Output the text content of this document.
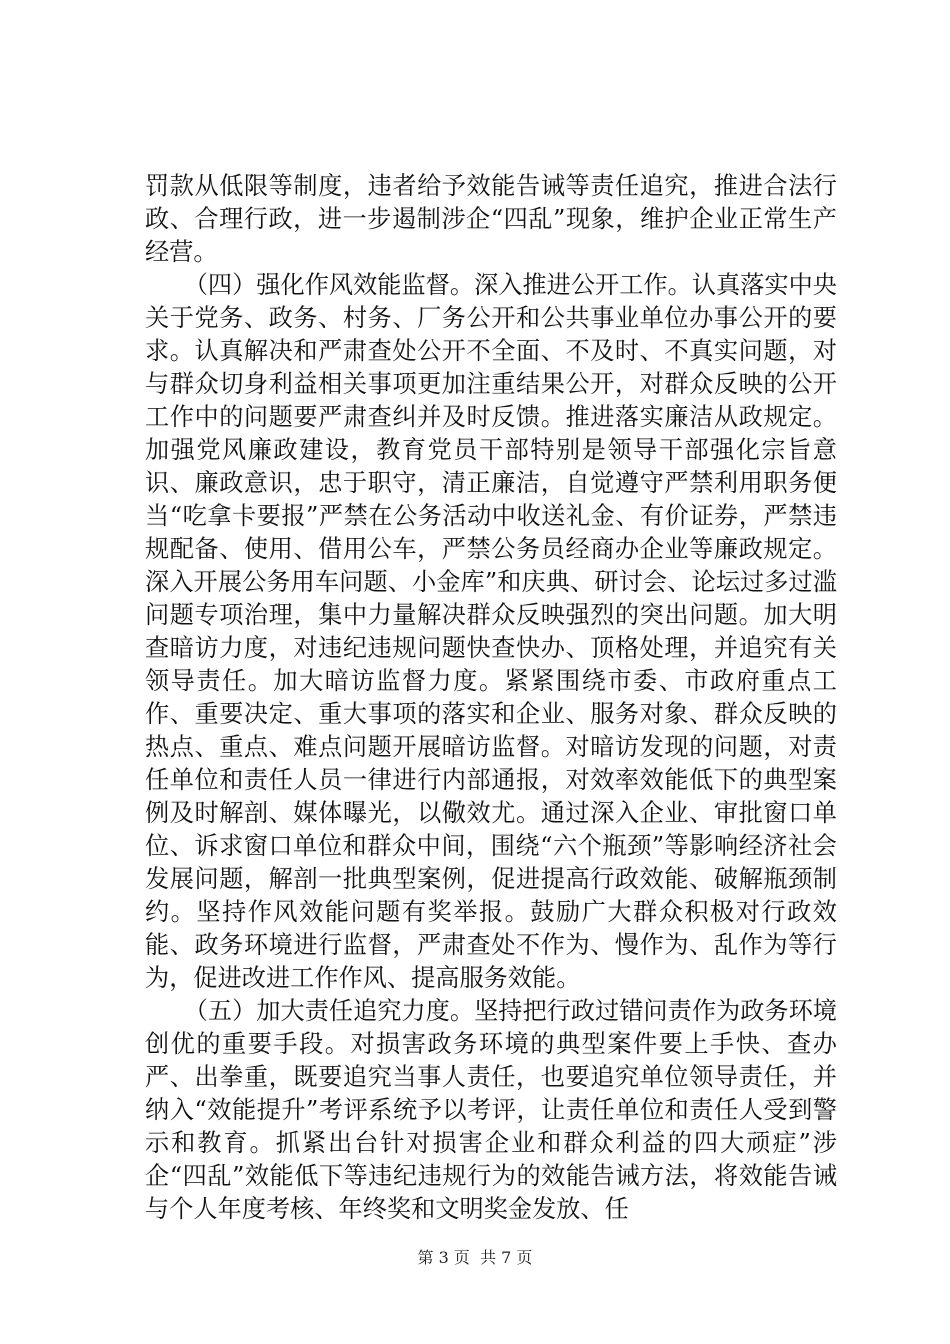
罚款从低限等制度，违者给予效能告诫等责任追究，推进合法行政、合理行政，进一步遏制涉企“四乱”现象，维护企业正常生产经营。

（四）强化作风效能监督。深入推进公开工作。认真落实中央关于党务、政务、村务、厂务公开和公共事业单位办事公开的要求。认真解决和严肃查处公开不全面、不及时、不真实问题，对与群众切身利益相关事项更加注重结果公开，对群众反映的公开工作中的问题要严肃查纠并及时反馈。推进落实廉洁从政规定。加强党风廉政建设，教育党员干部特别是领导干部强化宗旨意识、廉政意识，忠于职守，清正廉洁，自觉遵守严禁利用职务便当“吃拿卡要报”严禁在公务活动中收送礼金、有价证券，严禁违规配备、使用、借用公车，严禁公务员经商办企业等廉政规定。深入开展公务用车问题、小金库”和庆典、研讨会、论坛过多过滥问题专项治理，集中力量解决群众反映强烈的突出问题。加大明查暗访力度，对违纪违规问题快查快办、顶格处理，并追究有关领导责任。加大暗访监督力度。紧紧围绕市委、市政府重点工作、重要决定、重大事项的落实和企业、服务对象、群众反映的热点、重点、难点问题开展暗访监督。对暗访发现的问题，对责任单位和责任人员一律进行内部通报，对效率效能低下的典型案例及时解剖、媒体曝光，以儆效尤。通过深入企业、审批窗口单位、诉求窗口单位和群众中间，围绕“六个瓶颈”等影响经济社会发展问题，解剖一批典型案例，促进提高行政效能、破解瓶颈制约。坚持作风效能问题有奖举报。鼓励广大群众积极对行政效能、政务环境进行监督，严肃查处不作为、慢作为、乱作为等行为，促进改进工作作风、提高服务效能。

（五）加大责任追究力度。坚持把行政过错问责作为政务环境创优的重要手段。对损害政务环境的典型案件要上手快、查办严、出拳重，既要追究当事人责任，也要追究单位领导责任，并纳入“效能提升”考评系统予以考评，让责任单位和责任人受到警示和教育。抓紧出台针对损害企业和群众利益的四大顽症”涉企“四乱”效能低下等违纪违规行为的效能告诫方法，将效能告诫与个人年度考核、年终奖和文明奖金发放、任

第 3 页  共 7 页
